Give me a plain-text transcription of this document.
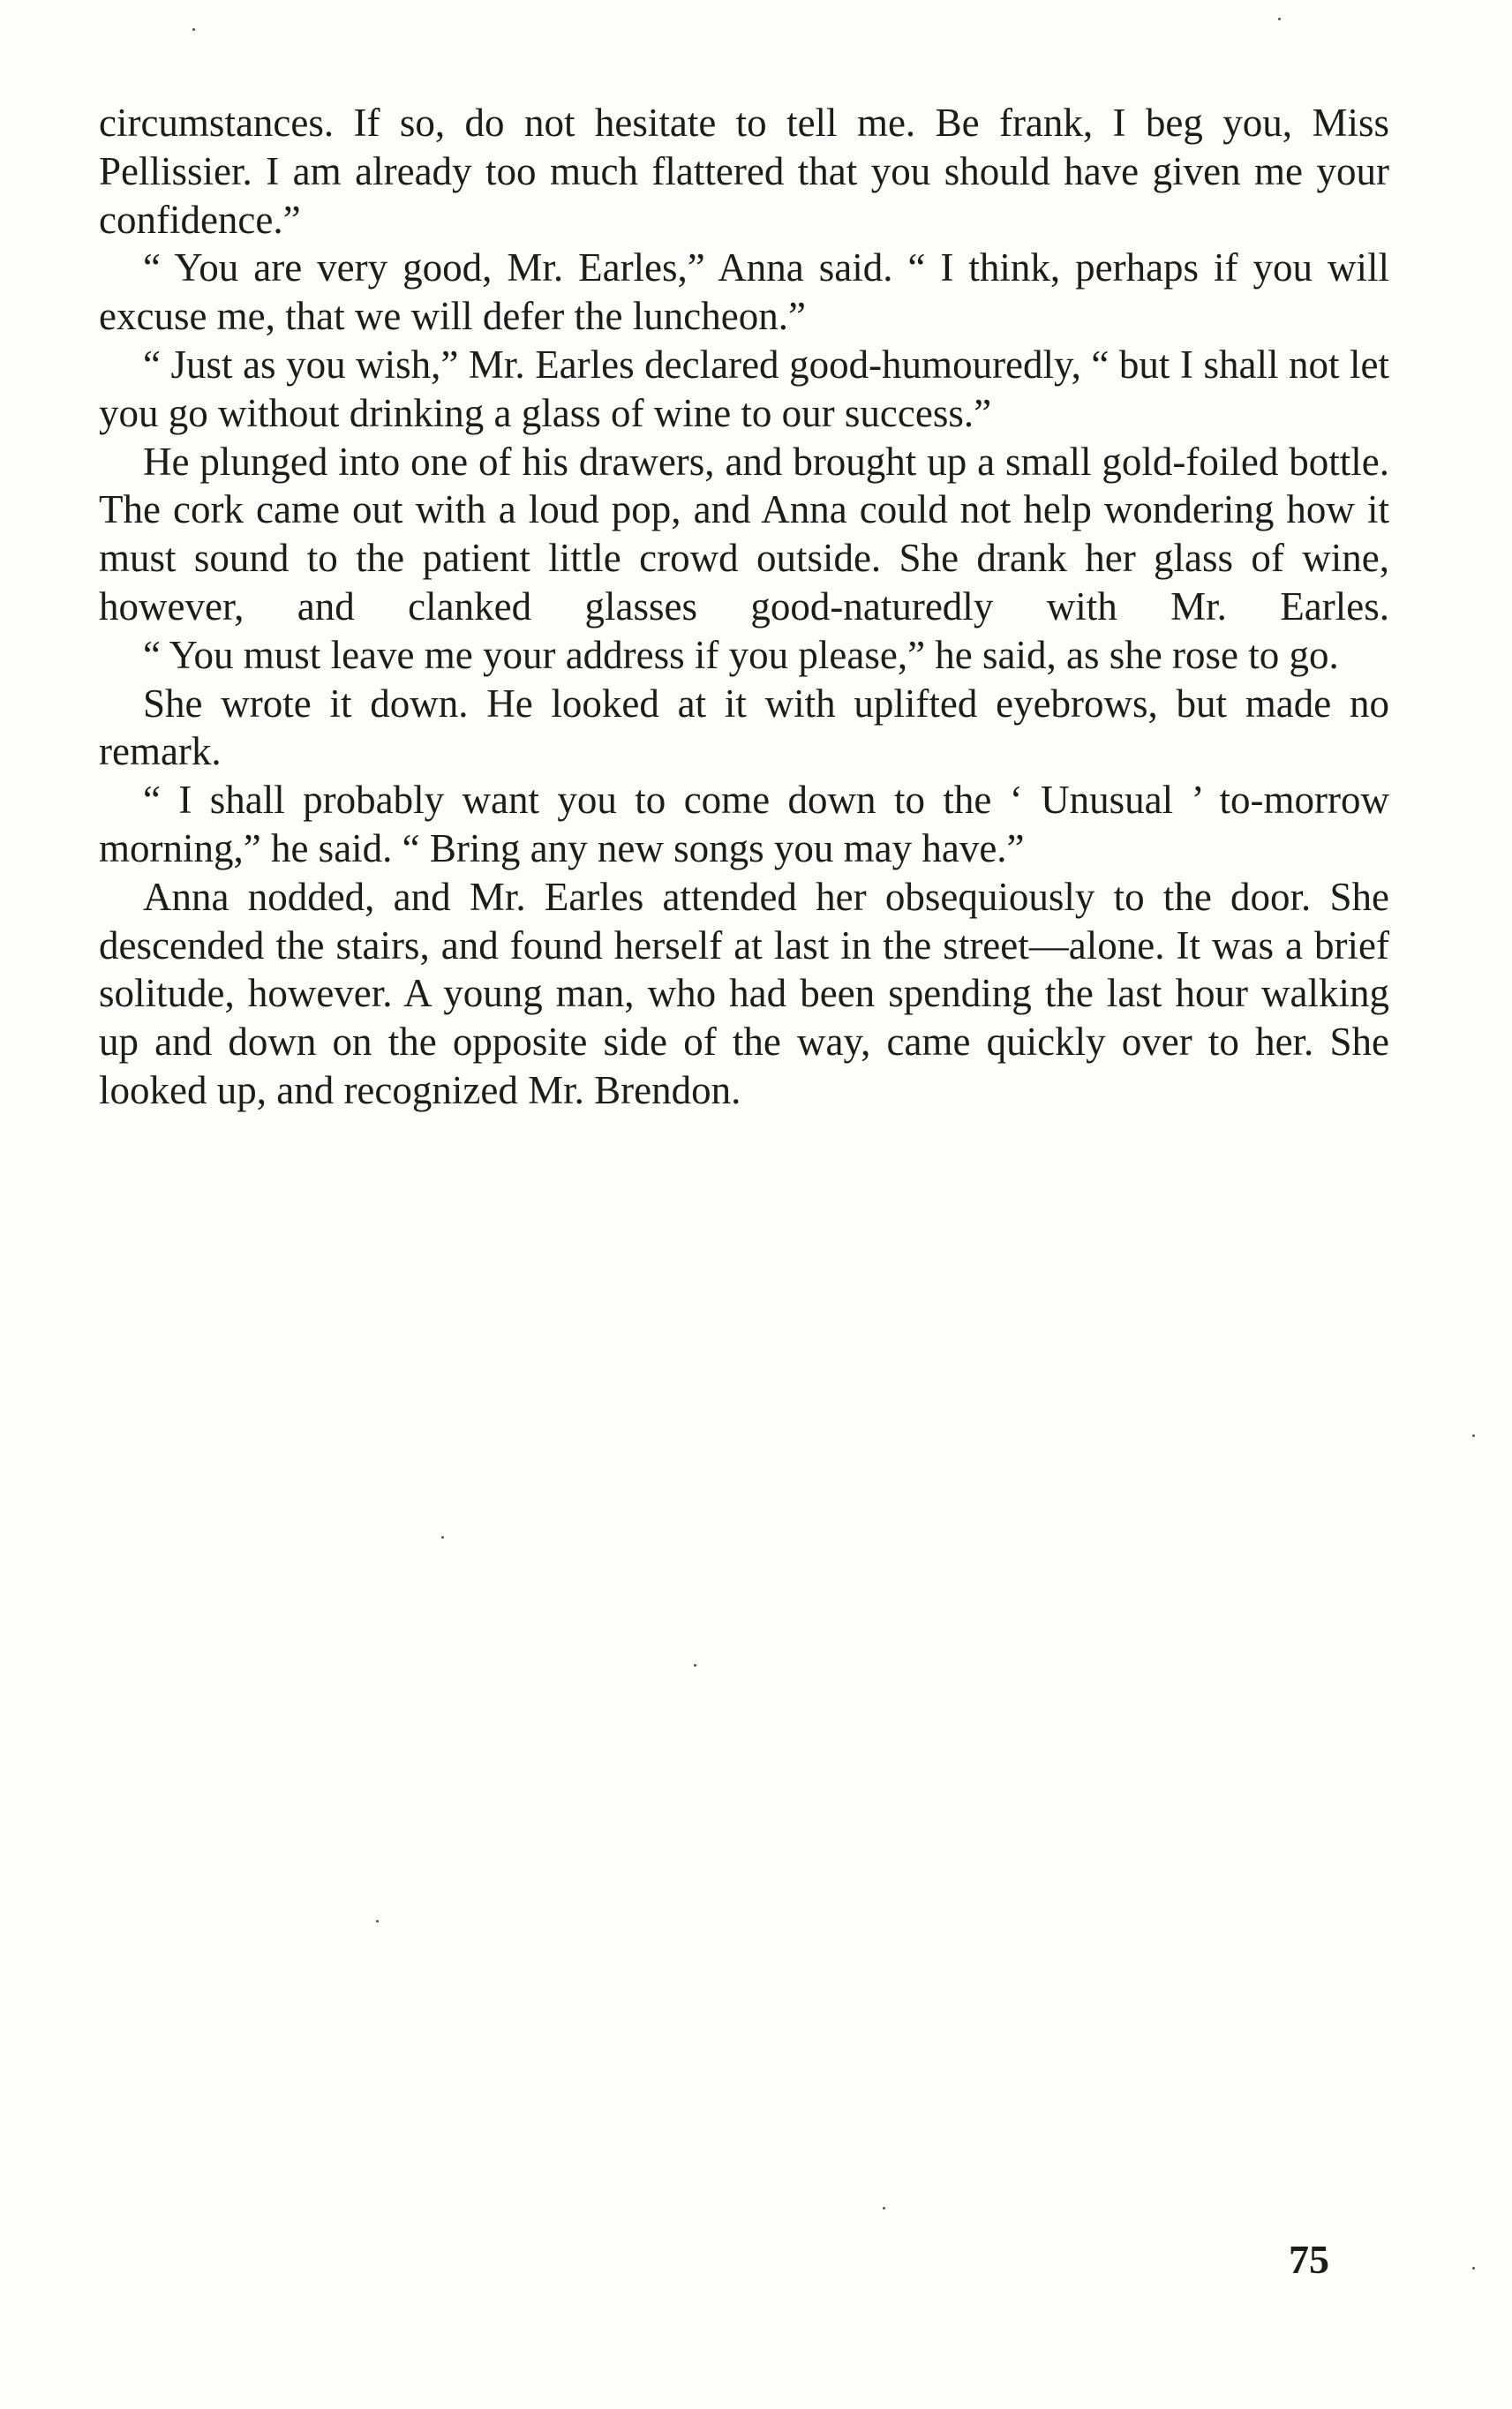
circumstances. If so, do not hesitate to tell me. Be frank, I beg you, Miss Pellissier. I am already too much flattered that you should have given me your confidence.”

“ You are very good, Mr. Earles,” Anna said. “ I think, perhaps if you will excuse me, that we will defer the luncheon.”

“ Just as you wish,” Mr. Earles declared good-humouredly, “ but I shall not let you go without drinking a glass of wine to our success.”

He plunged into one of his drawers, and brought up a small gold-foiled bottle. The cork came out with a loud pop, and Anna could not help wondering how it must sound to the patient little crowd outside. She drank her glass of wine, however, and clanked glasses good-naturedly with Mr. Earles.

“ You must leave me your address if you please,” he said, as she rose to go.

She wrote it down. He looked at it with uplifted eyebrows, but made no remark.

“ I shall probably want you to come down to the ‘ Unusual ’ to-morrow morning,” he said. “ Bring any new songs you may have.”

Anna nodded, and Mr. Earles attended her obsequiously to the door. She descended the stairs, and found herself at last in the street—alone. It was a brief solitude, however. A young man, who had been spending the last hour walking up and down on the opposite side of the way, came quickly over to her. She looked up, and recognized Mr. Brendon.

75
